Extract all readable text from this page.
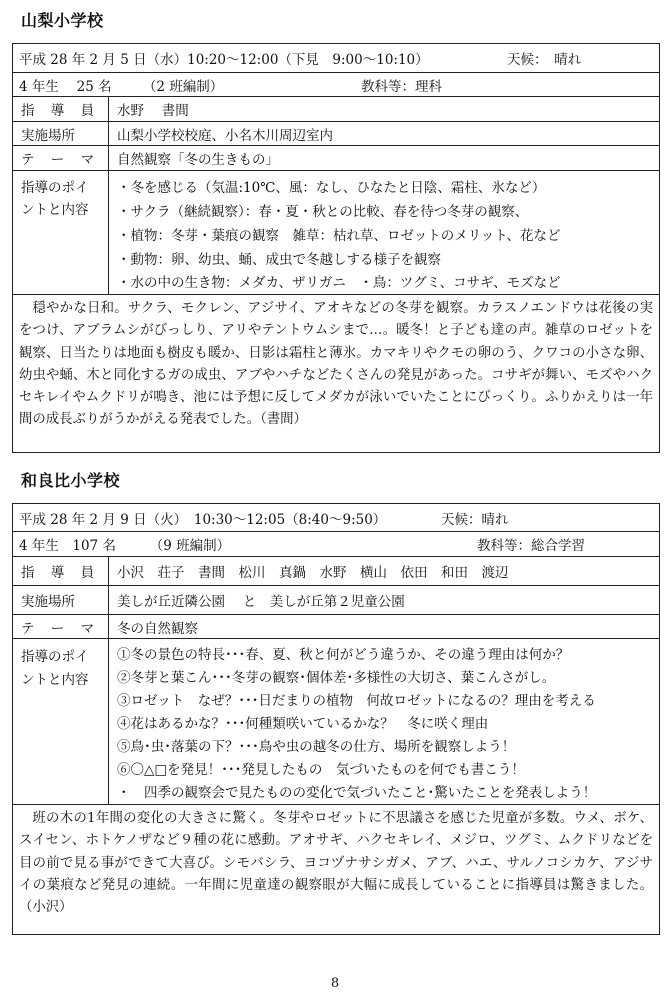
山梨小学校
平成 28 年 2 月 5 日（水）10:20～12:00（下見　9:00～10:10）	天候：　晴れ
4 年生　 25 名　　 （2 班編制）	教科等：理科
指 導 員 水野　 書間
実施場所	山梨小学校校庭、小名木川周辺室内
テ ー マ 自然観察「冬の生きもの」
指導のポイ
ントと内容
・冬を感じる（気温:10℃、風：なし、ひなたと日陰、霜柱、氷など）
・サクラ（継続観察）：春・夏・秋との比較、春を待つ冬芽の観察、
・植物：冬芽・葉痕の観察　雑草：枯れ草、ロゼットのメリット、花など
・動物：卵、幼虫、蛹、成虫で冬越しする様子を観察
・水の中の生き物：メダカ、ザリガニ　・鳥：ツグミ、コサギ、モズなど
穏やかな日和。サクラ、モクレン、アジサイ、アオキなどの冬芽を観察。カラスノエンドウは花後の実をつけ、アブラムシがびっしり、アリやテントウムシまで…。暖冬！と子ども達の声。雑草のロゼットを観察、日当たりは地面も樹皮も暖か、日影は霜柱と薄氷。カマキリやクモの卵のう、クワコの小さな卵、幼虫や蛹、木と同化するガの成虫、アブやハチなどたくさんの発見があった。コサギが舞い、モズやハクセキレイやムクドリが鳴き、池には予想に反してメダカが泳いでいたことにびっくり。ふりかえりは一年間の成長ぶりがうかがえる発表でした。（書間）
和良比小学校
平成 28 年 2 月 9 日（火）　10:30～12:05（8:40～9:50）	天候：晴れ
4 年生　107 名　　　（9 班編制）	教科等：総合学習
指 導 員 小沢　荘子　書間　松川　真鍋　水野　横山　依田　和田　渡辺
実施場所	美しが丘近隣公園　 と　美しが丘第２児童公園
テ ー マ 冬の自然観察
指導のポイ
ントと内容
①冬の景色の特長･･･春、夏、秋と何がどう違うか、その違う理由は何か？
②冬芽と葉こん･･･冬芽の観察･個体差･多様性の大切さ、葉こんさがし。
③ロゼット　なぜ？･･･日だまりの植物　何故ロゼットになるの？理由を考える
④花はあるかな？･･･何種類咲いているかな？　冬に咲く理由
⑤鳥･虫･落葉の下？･･･鳥や虫の越冬の仕方、場所を観察しよう！
⑥〇△□を発見！･･･発見したもの　気づいたものを何でも書こう！
・　四季の観察会で見たものの変化で気づいたこと･驚いたことを発表しよう！
班の木の1年間の変化の大きさに驚く。冬芽やロゼットに不思議さを感じた児童が多数。ウメ、ボケ、スイセン、ホトケノザなど９種の花に感動。アオサギ、ハクセキレイ、メジロ、ツグミ、ムクドリなどを目の前で見る事ができて大喜び。シモバシラ、ヨコヅナサシガメ、アブ、ハエ、サルノコシカケ、アジサイの葉痕など発見の連続。一年間に児童達の観察眼が大幅に成長していることに指導員は驚きました。（小沢）
8
